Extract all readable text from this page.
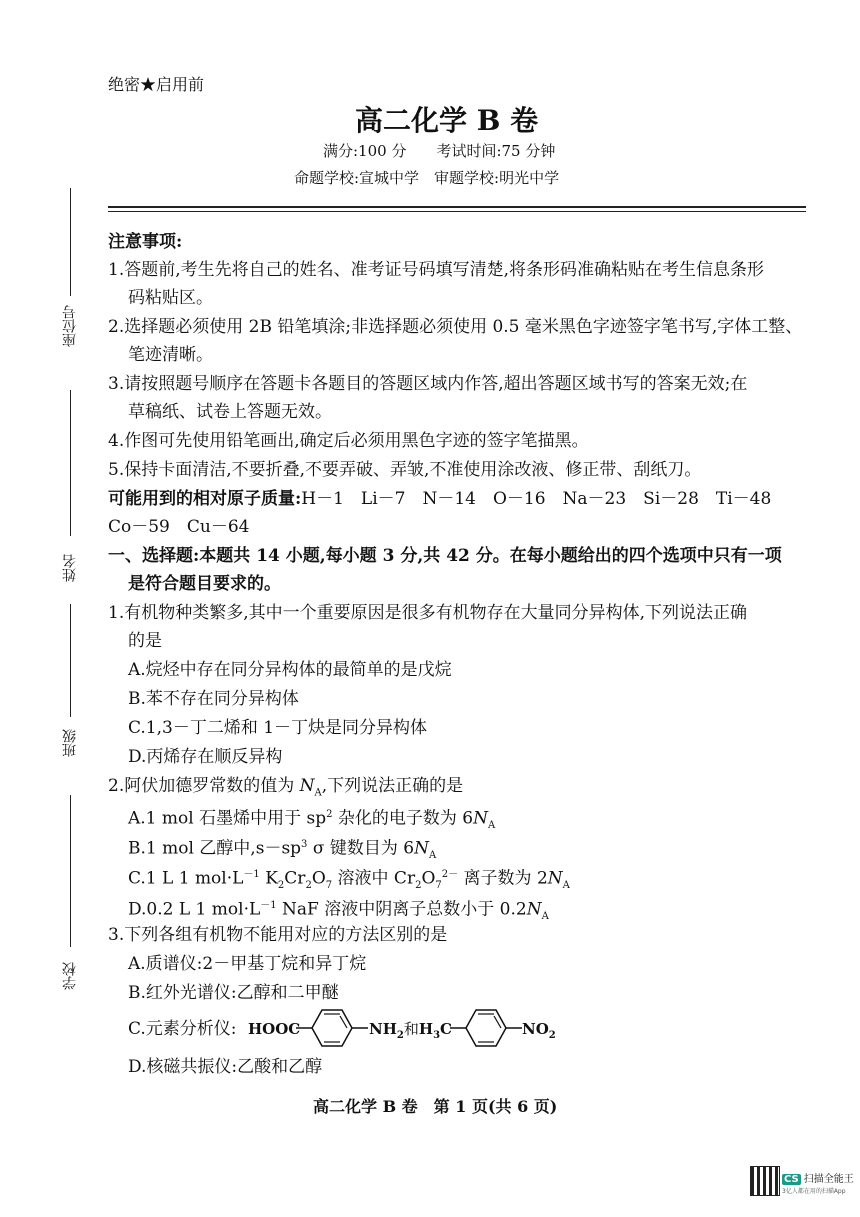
绝密★启用前
高二化学 B 卷
满分:100 分　　考试时间:75 分钟
命题学校:宣城中学　审题学校:明光中学
座位号
姓名
班级
学校
注意事项:
1.答题前,考生先将自己的姓名、准考证号码填写清楚,将条形码准确粘贴在考生信息条形
码粘贴区。
2.选择题必须使用 2B 铅笔填涂;非选择题必须使用 0.5 毫米黑色字迹签字笔书写,字体工整、
笔迹清晰。
3.请按照题号顺序在答题卡各题目的答题区域内作答,超出答题区域书写的答案无效;在
草稿纸、试卷上答题无效。
4.作图可先使用铅笔画出,确定后必须用黑色字迹的签字笔描黑。
5.保持卡面清洁,不要折叠,不要弄破、弄皱,不准使用涂改液、修正带、刮纸刀。
可能用到的相对原子质量:H－1　Li－7　N－14　O－16　Na－23　Si－28　Ti－48
Co－59　Cu－64
一、选择题:本题共 14 小题,每小题 3 分,共 42 分。在每小题给出的四个选项中只有一项
是符合题目要求的。
1.有机物种类繁多,其中一个重要原因是很多有机物存在大量同分异构体,下列说法正确
的是
A.烷烃中存在同分异构体的最简单的是戊烷
B.苯不存在同分异构体
C.1,3－丁二烯和 1－丁炔是同分异构体
D.丙烯存在顺反异构
2.阿伏加德罗常数的值为 $N_A$,下列说法正确的是
A.1 mol 石墨烯中用于 $sp^2$ 杂化的电子数为 $6N_A$
B.1 mol 乙醇中$,s-sp^3$ σ 键数目为 $6N_A$
C.1 L 1 $mol\cdot L^{-1}$ $K_2Cr_2O_7$ 溶液中 $Cr_2O_7^{2-}$ 离子数为 $2N_A$
D.0.2 L 1 $mol\cdot L^{-1}$ NaF 溶液中阴离子总数小于 $0.2N_A$
3.下列各组有机物不能用对应的方法区别的是
A.质谱仪:2－甲基丁烷和异丁烷
B.红外光谱仪:乙醇和二甲醚
C.元素分析仪: HOOC	$NH_2$和$H_3C$	$NO_2$
D.核磁共振仪:乙酸和乙醇
高二化学 B 卷　第 1 页(共 6 页)
CS 扫描全能王
3亿人都在用的扫描App
